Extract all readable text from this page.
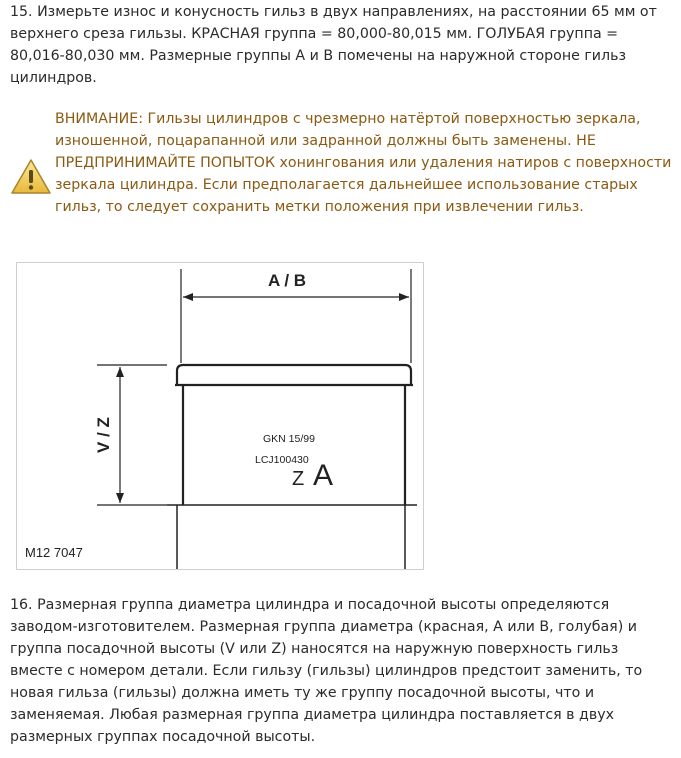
15. Измерьте износ и конусность гильз в двух направлениях, на расстоянии 65 мм от верхнего среза гильзы. КРАСНАЯ группа = 80,000-80,015 мм. ГОЛУБАЯ группа = 80,016-80,030 мм. Размерные группы А и В помечены на наружной стороне гильз цилиндров.

ВНИМАНИЕ: Гильзы цилиндров с чрезмерно натёртой поверхностью зеркала, изношенной, поцарапанной или задранной должны быть заменены. НЕ ПРЕДПРИНИМАЙТЕ ПОПЫТОК хонингования или удаления натиров с поверхности зеркала цилиндра. Если предполагается дальнейшее использование старых гильз, то следует сохранить метки положения при извлечении гильз.

A / B
V / Z	GKN 15/99
LCJ100430
Z A
M12 7047

16. Размерная группа диаметра цилиндра и посадочной высоты определяются заводом-изготовителем. Размерная группа диаметра (красная, А или В, голубая) и группа посадочной высоты (V или Z) наносятся на наружную поверхность гильз вместе с номером детали. Если гильзу (гильзы) цилиндров предстоит заменить, то новая гильза (гильзы) должна иметь ту же группу посадочной высоты, что и заменяемая. Любая размерная группа диаметра цилиндра поставляется в двух размерных группах посадочной высоты.
